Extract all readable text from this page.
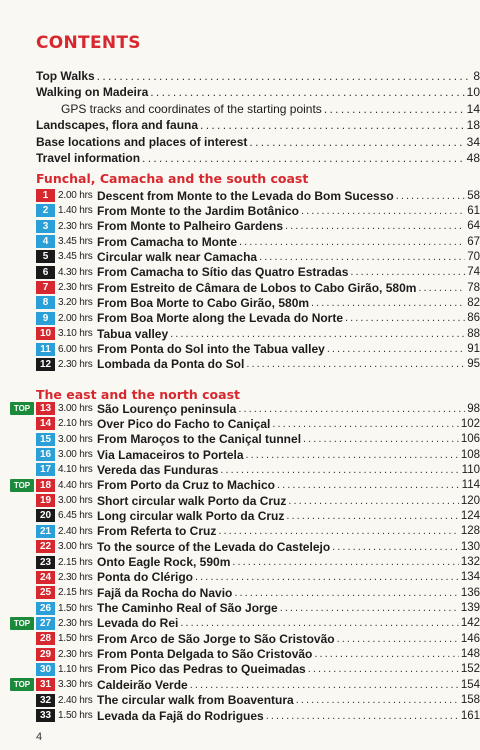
CONTENTS
Top Walks . . .	8
Walking on Madeira . . .	10
GPS tracks and coordinates of the starting points . . .	14
Landscapes, flora and fauna . . .	18
Base locations and places of interest . . .	34
Travel information . . .	48
Funchal, Camacha and the south coast
1 2.00 hrs Descent from Monte to the Levada do Bom Sucesso . . .	58
2 1.40 hrs From Monte to the Jardim Botânico . . .	61
3 2.30 hrs From Monte to Palheiro Gardens . . .	64
4 3.45 hrs From Camacha to Monte . . .	67
5 3.45 hrs Circular walk near Camacha . . .	70
6 4.30 hrs From Camacha to Sítio das Quatro Estradas . . .	74
7 2.30 hrs From Estreito de Câmara de Lobos to Cabo Girão, 580m . . .	78
8 3.20 hrs From Boa Morte to Cabo Girão, 580m . . .	82
9 2.00 hrs From Boa Morte along the Levada do Norte . . .	86
10 3.10 hrs Tabua valley . . .	88
11 6.00 hrs From Ponta do Sol into the Tabua valley . . .	91
12 2.30 hrs Lombada da Ponta do Sol . . .	95
The east and the north coast
TOP 13 3.00 hrs São Lourenço peninsula . . .	98
14 2.10 hrs Over Pico do Facho to Caniçal . . .	102
15 3.00 hrs From Maroços to the Caniçal tunnel . . .	106
16 3.00 hrs Via Lamaceiros to Portela . . .	108
17 4.10 hrs Vereda das Funduras . . .	110
TOP 18 4.40 hrs From Porto da Cruz to Machico . . .	114
19 3.00 hrs Short circular walk Porto da Cruz . . .	120
20 6.45 hrs Long circular walk Porto da Cruz . . .	124
21 2.40 hrs From Referta to Cruz . . .	128
22 3.00 hrs To the source of the Levada do Castelejo . . .	130
23 2.15 hrs Onto Eagle Rock, 590m . . .	132
24 2.30 hrs Ponta do Clérigo . . .	134
25 2.15 hrs Fajã da Rocha do Navio . . .	136
26 1.50 hrs The Caminho Real of São Jorge . . .	139
TOP 27 2.30 hrs Levada do Rei . . .	142
28 1.50 hrs From Arco de São Jorge to São Cristovão . . .	146
29 2.30 hrs From Ponta Delgada to São Cristovão . . .	148
30 1.10 hrs From Pico das Pedras to Queimadas . . .	152
TOP 31 3.30 hrs Caldeirão Verde . . .	154
32 2.40 hrs The circular walk from Boaventura . . .	158
33 1.50 hrs Levada da Fajã do Rodrigues . . .	161
4
